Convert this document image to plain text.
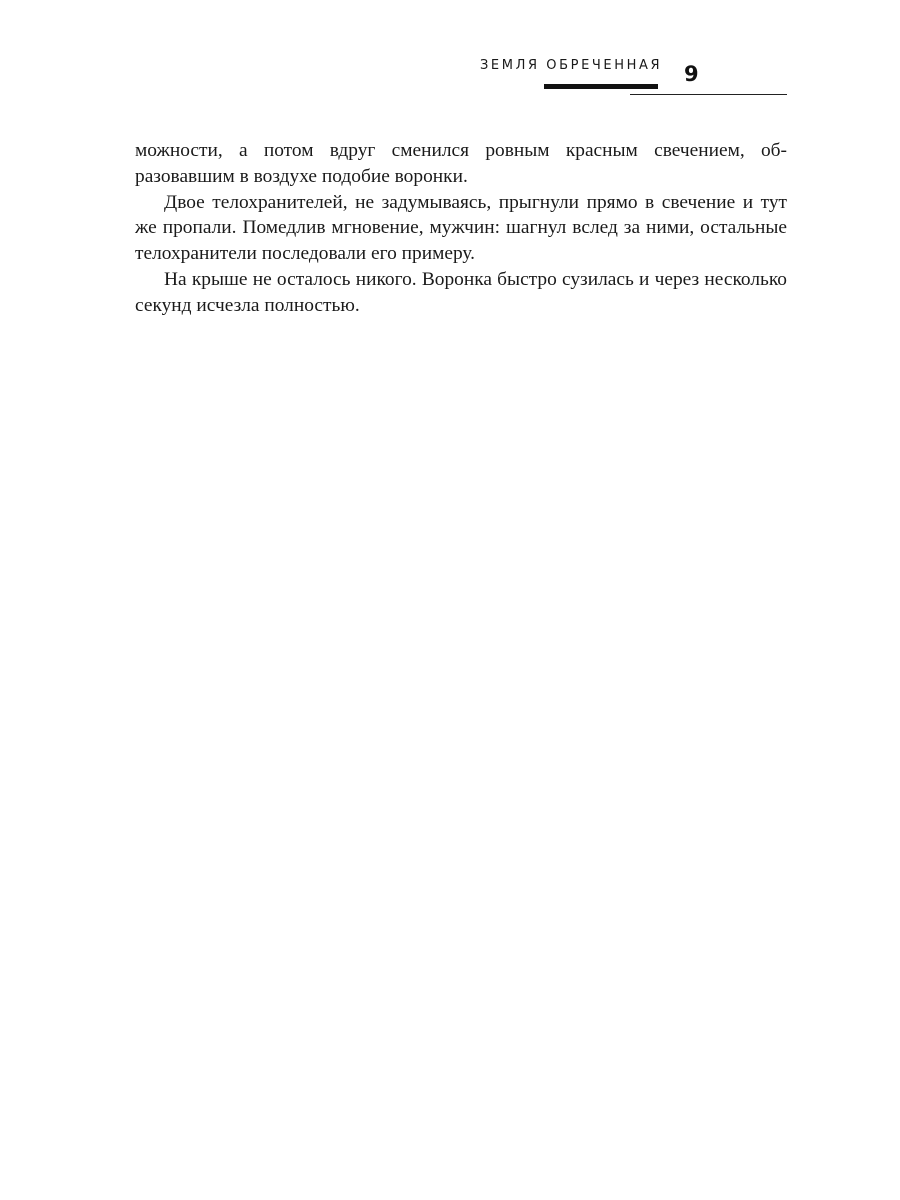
ЗЕМЛЯ ОБРЕЧЕННАЯ 9

можности, а потом вдруг сменился ровным красным свечением, образовавшим в воздухе подобие воронки.

Двое телохранителей, не задумываясь, прыгнули прямо в свечение и тут же пропали. Помедлив мгновение, мужчин: шагнул вслед за ними, остальные телохранители последовали его примеру.

На крыше не осталось никого. Воронка быстро сузилась и через несколько секунд исчезла полностью.
